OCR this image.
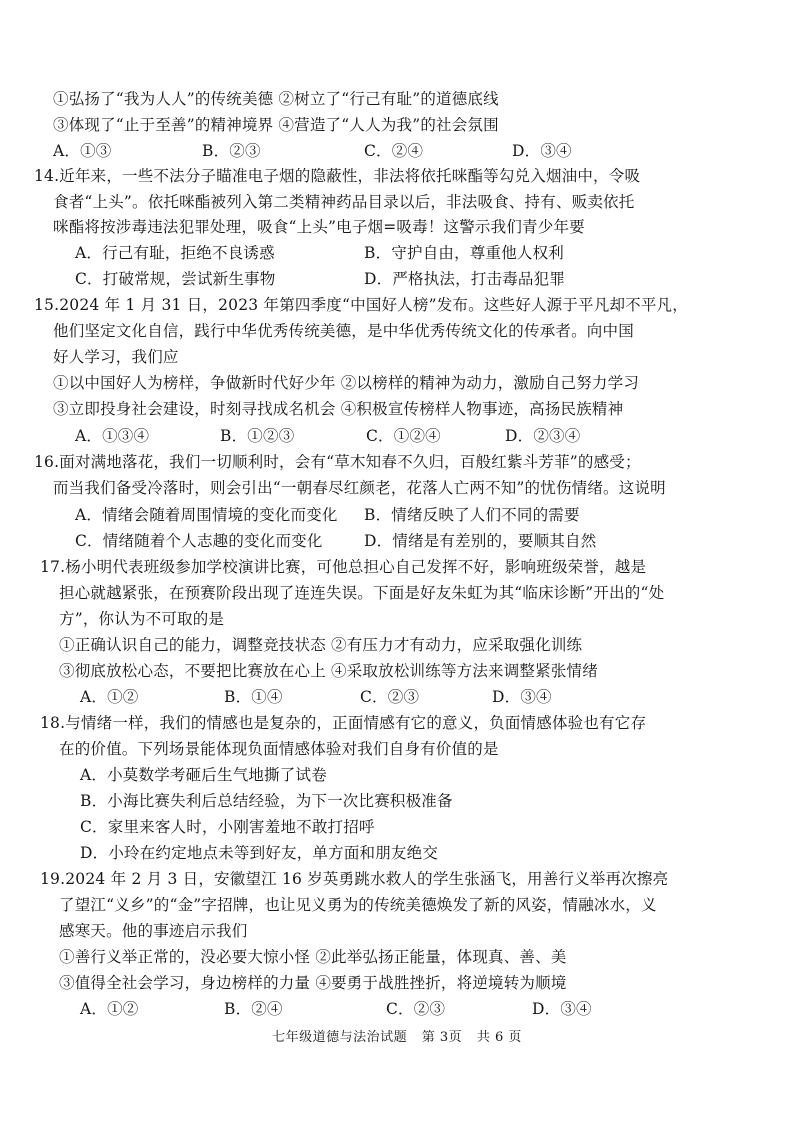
①弘扬了“我为人人”的传统美德 ②树立了“行己有耻”的道德底线
③体现了“止于至善”的精神境界 ④营造了“人人为我”的社会氛围
A．①③	B．②③	C．②④	D．③④
14.近年来，一些不法分子瞄准电子烟的隐蔽性，非法将依托咪酯等勾兑入烟油中，令吸
食者“上头”。依托咪酯被列入第二类精神药品目录以后，非法吸食、持有、贩卖依托
咪酯将按涉毒违法犯罪处理，吸食“上头”电子烟=吸毒！这警示我们青少年要
A．行己有耻，拒绝不良诱惑	B．守护自由，尊重他人权利
C．打破常规，尝试新生事物	D．严格执法，打击毒品犯罪
15.2024 年 1 月 31 日，2023 年第四季度“中国好人榜”发布。这些好人源于平凡却不平凡，
他们坚定文化自信，践行中华优秀传统美德，是中华优秀传统文化的传承者。向中国
好人学习，我们应
①以中国好人为榜样，争做新时代好少年 ②以榜样的精神为动力，激励自己努力学习
③立即投身社会建设，时刻寻找成名机会 ④积极宣传榜样人物事迹，高扬民族精神
A．①③④	B．①②③	C．①②④	D．②③④
16.面对满地落花，我们一切顺利时，会有“草木知春不久归，百般红紫斗芳菲”的感受；
而当我们备受冷落时，则会引出“一朝春尽红颜老，花落人亡两不知”的忧伤情绪。这说明
A．情绪会随着周围情境的变化而变化 B．情绪反映了人们不同的需要
C．情绪随着个人志趣的变化而变化	D．情绪是有差别的，要顺其自然
17.杨小明代表班级参加学校演讲比赛，可他总担心自己发挥不好，影响班级荣誉，越是
担心就越紧张，在预赛阶段出现了连连失误。下面是好友朱虹为其“临床诊断”开出的“处
方”，你认为不可取的是
①正确认识自己的能力，调整竞技状态 ②有压力才有动力，应采取强化训练
③彻底放松心态，不要把比赛放在心上 ④采取放松训练等方法来调整紧张情绪
A．①②	B．①④	C．②③	D．③④
18.与情绪一样，我们的情感也是复杂的，正面情感有它的意义，负面情感体验也有它存
在的价值。下列场景能体现负面情感体验对我们自身有价值的是
A．小莫数学考砸后生气地撕了试卷
B．小海比赛失利后总结经验，为下一次比赛积极准备
C．家里来客人时，小刚害羞地不敢打招呼
D．小玲在约定地点未等到好友，单方面和朋友绝交
19.2024 年 2 月 3 日，安徽望江 16 岁英勇跳水救人的学生张涵飞，用善行义举再次擦亮
了望江“义乡”的“金”字招牌，也让见义勇为的传统美德焕发了新的风姿，情融冰水，义
感寒天。他的事迹启示我们
①善行义举正常的，没必要大惊小怪 ②此举弘扬正能量，体现真、善、美
③值得全社会学习，身边榜样的力量 ④要勇于战胜挫折，将逆境转为顺境
A．①②	B．②④	C．②③	D．③④
七年级道德与法治试题 第 3页 共 6 页
